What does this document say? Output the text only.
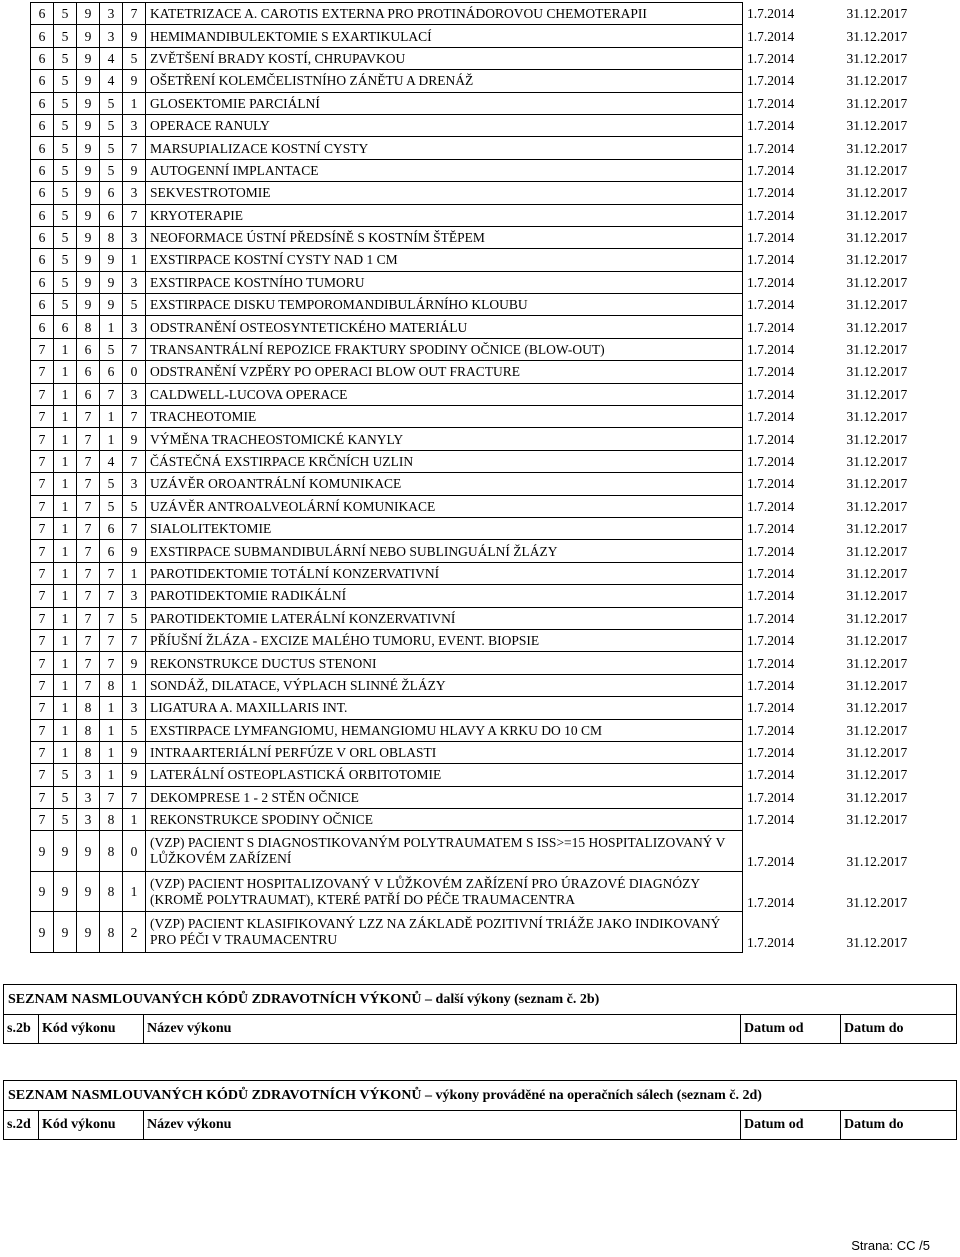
6	5	9	3	7	KATETRIZACE A. CAROTIS EXTERNA PRO PROTINÁDOROVOU CHEMOTERAPII	1.7.2014	31.12.2017
6	5	9	3	9	HEMIMANDIBULEKTOMIE S EXARTIKULACÍ	1.7.2014	31.12.2017
6	5	9	4	5	ZVĚTŠENÍ BRADY KOSTÍ, CHRUPAVKOU	1.7.2014	31.12.2017
6	5	9	4	9	OŠETŘENÍ KOLEMČELISTNÍHO ZÁNĚTU A DRENÁŽ	1.7.2014	31.12.2017
6	5	9	5	1	GLOSEKTOMIE PARCIÁLNÍ	1.7.2014	31.12.2017
6	5	9	5	3	OPERACE RANULY	1.7.2014	31.12.2017
6	5	9	5	7	MARSUPIALIZACE KOSTNÍ CYSTY	1.7.2014	31.12.2017
6	5	9	5	9	AUTOGENNÍ IMPLANTACE	1.7.2014	31.12.2017
6	5	9	6	3	SEKVESTROTOMIE	1.7.2014	31.12.2017
6	5	9	6	7	KRYOTERAPIE	1.7.2014	31.12.2017
6	5	9	8	3	NEOFORMACE ÚSTNÍ PŘEDSÍNĚ S KOSTNÍM ŠTĚPEM	1.7.2014	31.12.2017
6	5	9	9	1	EXSTIRPACE KOSTNÍ CYSTY NAD 1 CM	1.7.2014	31.12.2017
6	5	9	9	3	EXSTIRPACE KOSTNÍHO TUMORU	1.7.2014	31.12.2017
6	5	9	9	5	EXSTIRPACE DISKU TEMPOROMANDIBULÁRNÍHO KLOUBU	1.7.2014	31.12.2017
6	6	8	1	3	ODSTRANĚNÍ OSTEOSYNTETICKÉHO MATERIÁLU	1.7.2014	31.12.2017
7	1	6	5	7	TRANSANTRÁLNÍ REPOZICE FRAKTURY SPODINY OČNICE (BLOW-OUT)	1.7.2014	31.12.2017
7	1	6	6	0	ODSTRANĚNÍ VZPĚRY PO OPERACI BLOW OUT FRACTURE	1.7.2014	31.12.2017
7	1	6	7	3	CALDWELL-LUCOVA OPERACE	1.7.2014	31.12.2017
7	1	7	1	7	TRACHEOTOMIE	1.7.2014	31.12.2017
7	1	7	1	9	VÝMĚNA TRACHEOSTOMICKÉ KANYLY	1.7.2014	31.12.2017
7	1	7	4	7	ČÁSTEČNÁ EXSTIRPACE KRČNÍCH UZLIN	1.7.2014	31.12.2017
7	1	7	5	3	UZÁVĚR OROANTRÁLNÍ KOMUNIKACE	1.7.2014	31.12.2017
7	1	7	5	5	UZÁVĚR ANTROALVEOLÁRNÍ KOMUNIKACE	1.7.2014	31.12.2017
7	1	7	6	7	SIALOLITEKTOMIE	1.7.2014	31.12.2017
7	1	7	6	9	EXSTIRPACE SUBMANDIBULÁRNÍ NEBO SUBLINGUÁLNÍ ŽLÁZY	1.7.2014	31.12.2017
7	1	7	7	1	PAROTIDEKTOMIE TOTÁLNÍ KONZERVATIVNÍ	1.7.2014	31.12.2017
7	1	7	7	3	PAROTIDEKTOMIE RADIKÁLNÍ	1.7.2014	31.12.2017
7	1	7	7	5	PAROTIDEKTOMIE LATERÁLNÍ KONZERVATIVNÍ	1.7.2014	31.12.2017
7	1	7	7	7	PŘÍUŠNÍ ŽLÁZA - EXCIZE MALÉHO TUMORU, EVENT. BIOPSIE	1.7.2014	31.12.2017
7	1	7	7	9	REKONSTRUKCE DUCTUS STENONI	1.7.2014	31.12.2017
7	1	7	8	1	SONDÁŽ, DILATACE, VÝPLACH SLINNÉ ŽLÁZY	1.7.2014	31.12.2017
7	1	8	1	3	LIGATURA A. MAXILLARIS INT.	1.7.2014	31.12.2017
7	1	8	1	5	EXSTIRPACE LYMFANGIOMU, HEMANGIOMU HLAVY A KRKU DO 10 CM	1.7.2014	31.12.2017
7	1	8	1	9	INTRAARTERIÁLNÍ PERFÚZE V ORL OBLASTI	1.7.2014	31.12.2017
7	5	3	1	9	LATERÁLNÍ OSTEOPLASTICKÁ ORBITOTOMIE	1.7.2014	31.12.2017
7	5	3	7	7	DEKOMPRESE 1 - 2 STĚN OČNICE	1.7.2014	31.12.2017
7	5	3	8	1	REKONSTRUKCE SPODINY OČNICE	1.7.2014	31.12.2017
9	9	9	8	0	(VZP) PACIENT S DIAGNOSTIKOVANÝM POLYTRAUMATEM S ISS>=15 HOSPITALIZOVANÝ V LŮŽKOVÉM ZAŘÍZENÍ	1.7.2014	31.12.2017
9	9	9	8	1	(VZP) PACIENT HOSPITALIZOVANÝ V LŮŽKOVÉM ZAŘÍZENÍ PRO ÚRAZOVÉ DIAGNÓZY (KROMĚ POLYTRAUMAT), KTERÉ PATŘÍ DO PÉČE TRAUMACENTRA	1.7.2014	31.12.2017
9	9	9	8	2	(VZP) PACIENT KLASIFIKOVANÝ LZZ NA ZÁKLADĚ POZITIVNÍ TRIÁŽE JAKO INDIKOVANÝ PRO PÉČI V TRAUMACENTRU	1.7.2014	31.12.2017
SEZNAM NASMLOUVANÝCH KÓDŮ ZDRAVOTNÍCH VÝKONŮ – další výkony (seznam č. 2b)
s.2b	Kód výkonu	Název výkonu	Datum od	Datum do
SEZNAM NASMLOUVANÝCH KÓDŮ ZDRAVOTNÍCH VÝKONŮ – výkony prováděné na operačních sálech (seznam č. 2d)
s.2d	Kód výkonu	Název výkonu	Datum od	Datum do
Strana: CC /5
